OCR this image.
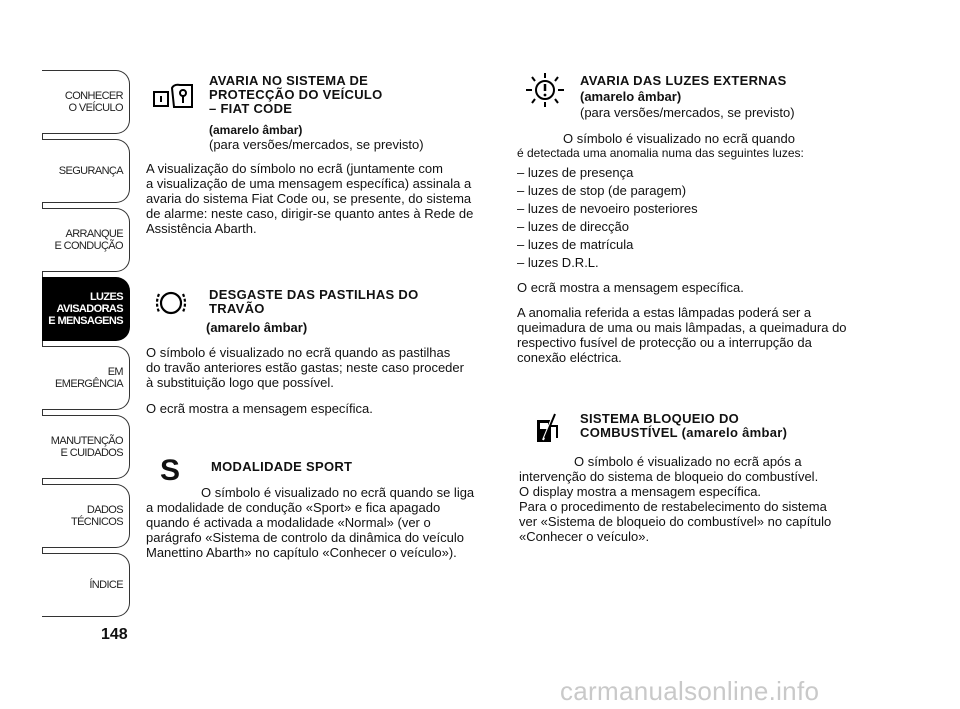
CONHECER
O VEÍCULO
SEGURANÇA
ARRANQUE
E CONDUÇÃO
LUZES
AVISADORAS
E MENSAGENS
EM EMERGÊNCIA
MANUTENÇÃO
E CUIDADOS
DADOS
TÉCNICOS
ÍNDICE
148
AVARIA NO SISTEMA DE
PROTECÇÃO DO VEÍCULO
– FIAT CODE
(amarelo âmbar)
(para versões/mercados, se previsto)
A visualização do símbolo no ecrã (juntamente com
a visualização de uma mensagem específica) assinala a
avaria do sistema Fiat Code ou, se presente, do sistema
de alarme: neste caso, dirigir-se quanto antes à Rede de
Assistência Abarth.
DESGASTE DAS PASTILHAS DO
TRAVÃO
(amarelo âmbar)
O símbolo é visualizado no ecrã quando as pastilhas
do travão anteriores estão gastas; neste caso proceder
à substituição logo que possível.
O ecrã mostra a mensagem específica.
S MODALIDADE SPORT
O símbolo é visualizado no ecrã quando se liga
a modalidade de condução «Sport» e fica apagado
quando é activada a modalidade «Normal» (ver o
parágrafo «Sistema de controlo da dinâmica do veículo
Manettino Abarth» no capítulo «Conhecer o veículo»).
AVARIA DAS LUZES EXTERNAS
(amarelo âmbar)
(para versões/mercados, se previsto)
O símbolo é visualizado no ecrã quando
é detectada uma anomalia numa das seguintes luzes:
– luzes de presença
– luzes de stop (de paragem)
– luzes de nevoeiro posteriores
– luzes de direcção
– luzes de matrícula
– luzes D.R.L.
O ecrã mostra a mensagem específica.
A anomalia referida a estas lâmpadas poderá ser a
queimadura de uma ou mais lâmpadas, a queimadura do
respectivo fusível de protecção ou a interrupção da
conexão eléctrica.
SISTEMA BLOQUEIO DO
COMBUSTÍVEL (amarelo âmbar)
O símbolo é visualizado no ecrã após a
intervenção do sistema de bloqueio do combustível.
O display mostra a mensagem específica.
Para o procedimento de restabelecimento do sistema
ver «Sistema de bloqueio do combustível» no capítulo
«Conhecer o veículo».
carmanualsonline.info
